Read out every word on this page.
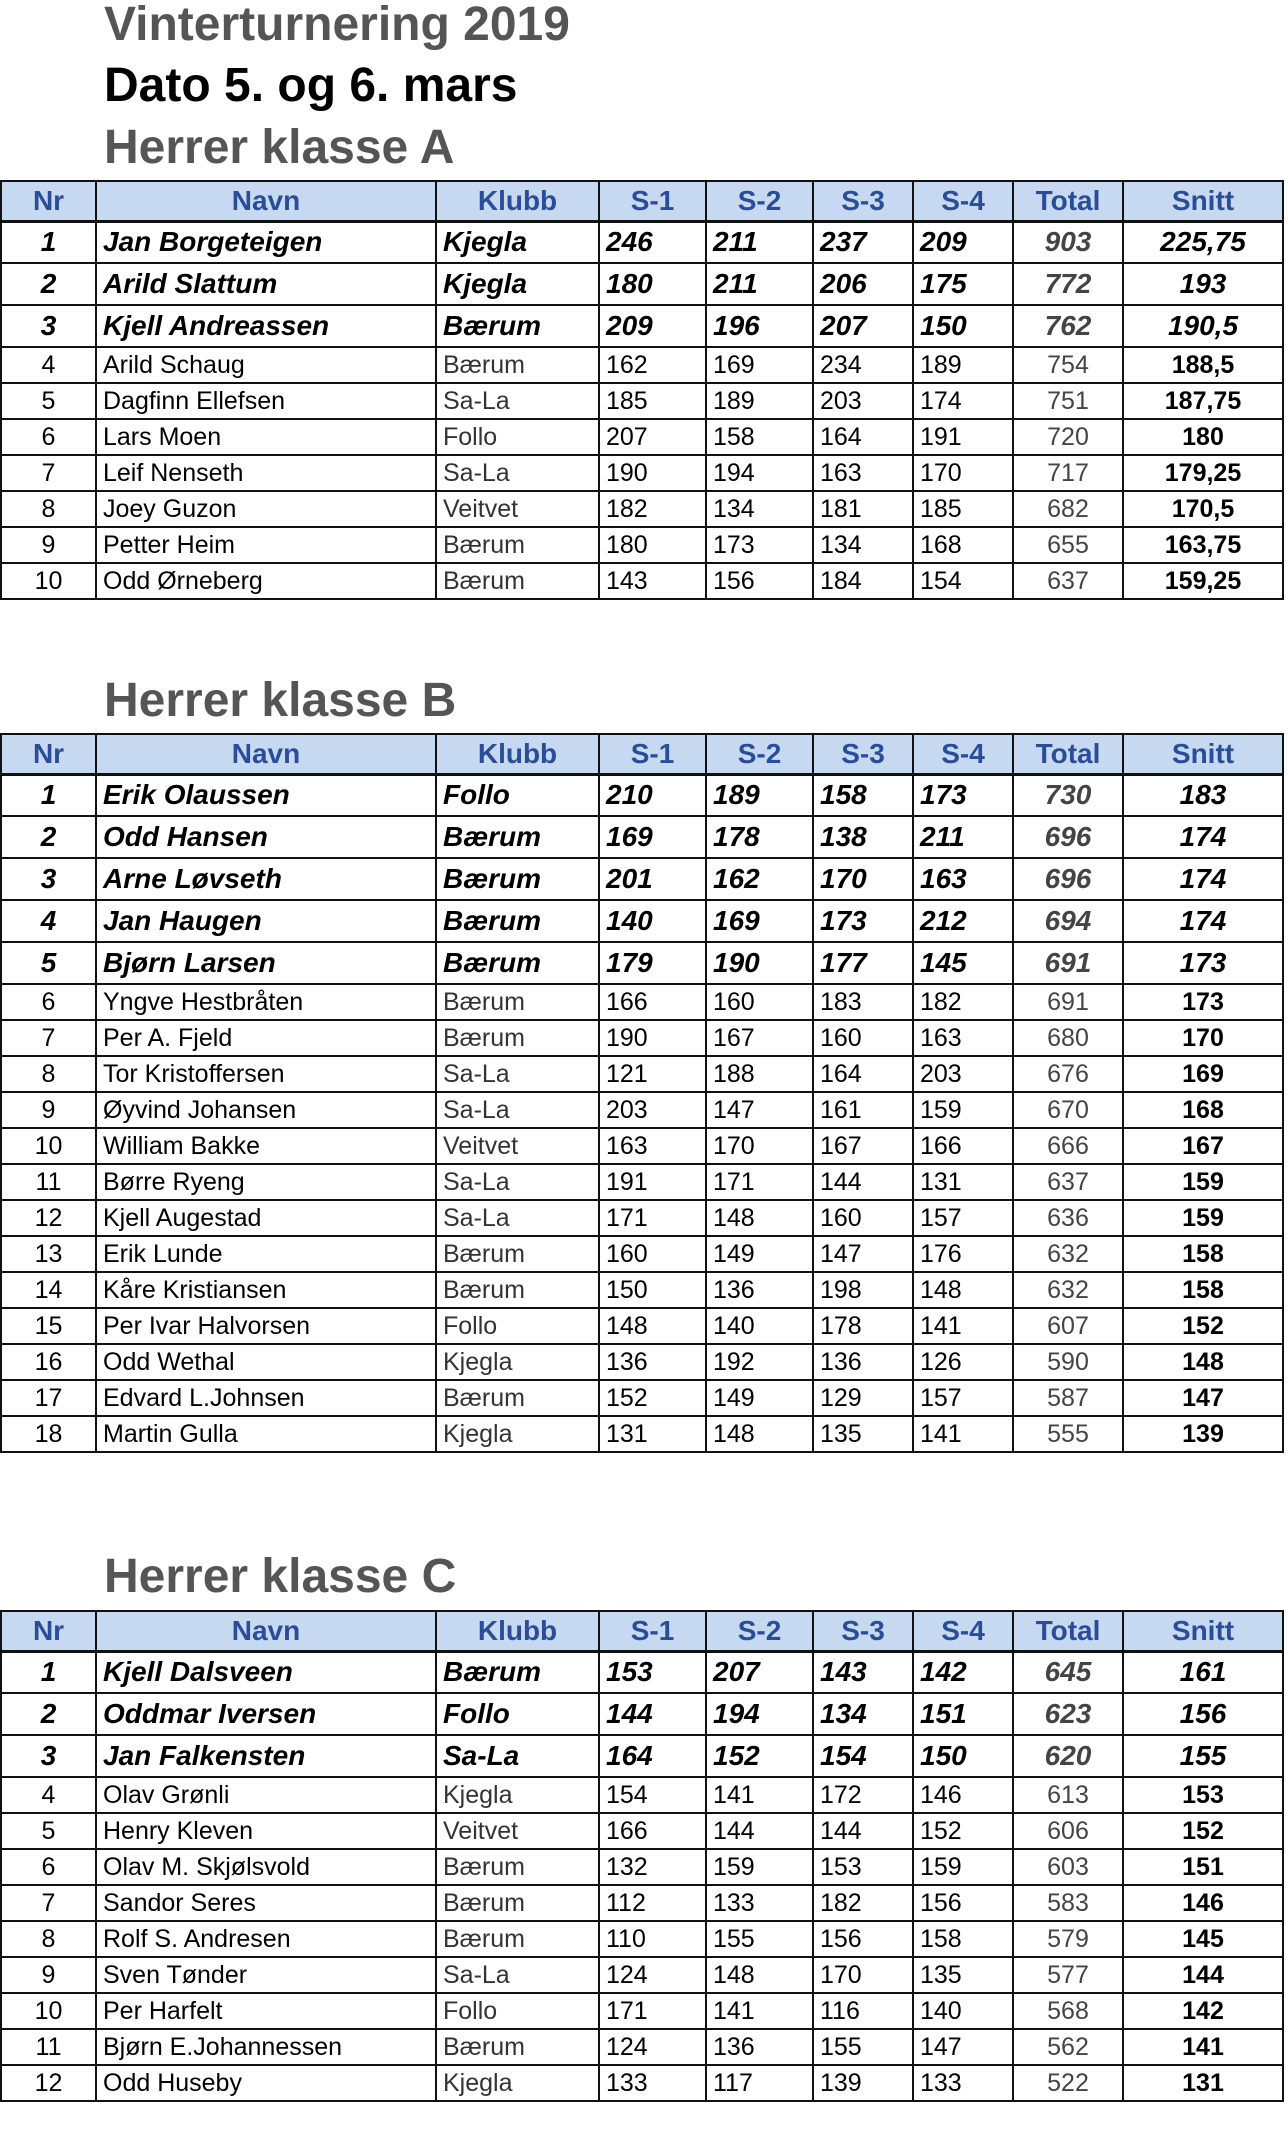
Vinterturnering 2019
Dato 5. og 6. mars
Herrer klasse A
Nr	Navn	Klubb	S-1	S-2	S-3	S-4	Total	Snitt
1	Jan Borgeteigen	Kjegla	246	211	237	209	903	225,75
2	Arild Slattum	Kjegla	180	211	206	175	772	193
3	Kjell Andreassen	Bærum	209	196	207	150	762	190,5
4	Arild Schaug	Bærum	162	169	234	189	754	188,5
5	Dagfinn Ellefsen	Sa-La	185	189	203	174	751	187,75
6	Lars Moen	Follo	207	158	164	191	720	180
7	Leif Nenseth	Sa-La	190	194	163	170	717	179,25
8	Joey Guzon	Veitvet	182	134	181	185	682	170,5
9	Petter Heim	Bærum	180	173	134	168	655	163,75
10	Odd Ørneberg	Bærum	143	156	184	154	637	159,25
Herrer klasse B
Nr	Navn	Klubb	S-1	S-2	S-3	S-4	Total	Snitt
1	Erik Olaussen	Follo	210	189	158	173	730	183
2	Odd Hansen	Bærum	169	178	138	211	696	174
3	Arne Løvseth	Bærum	201	162	170	163	696	174
4	Jan Haugen	Bærum	140	169	173	212	694	174
5	Bjørn Larsen	Bærum	179	190	177	145	691	173
6	Yngve Hestbråten	Bærum	166	160	183	182	691	173
7	Per A. Fjeld	Bærum	190	167	160	163	680	170
8	Tor Kristoffersen	Sa-La	121	188	164	203	676	169
9	Øyvind Johansen	Sa-La	203	147	161	159	670	168
10	William Bakke	Veitvet	163	170	167	166	666	167
11	Børre Ryeng	Sa-La	191	171	144	131	637	159
12	Kjell Augestad	Sa-La	171	148	160	157	636	159
13	Erik Lunde	Bærum	160	149	147	176	632	158
14	Kåre Kristiansen	Bærum	150	136	198	148	632	158
15	Per Ivar Halvorsen	Follo	148	140	178	141	607	152
16	Odd Wethal	Kjegla	136	192	136	126	590	148
17	Edvard L.Johnsen	Bærum	152	149	129	157	587	147
18	Martin Gulla	Kjegla	131	148	135	141	555	139
Herrer klasse C
Nr	Navn	Klubb	S-1	S-2	S-3	S-4	Total	Snitt
1	Kjell Dalsveen	Bærum	153	207	143	142	645	161
2	Oddmar Iversen	Follo	144	194	134	151	623	156
3	Jan Falkensten	Sa-La	164	152	154	150	620	155
4	Olav Grønli	Kjegla	154	141	172	146	613	153
5	Henry Kleven	Veitvet	166	144	144	152	606	152
6	Olav M. Skjølsvold	Bærum	132	159	153	159	603	151
7	Sandor Seres	Bærum	112	133	182	156	583	146
8	Rolf S. Andresen	Bærum	110	155	156	158	579	145
9	Sven Tønder	Sa-La	124	148	170	135	577	144
10	Per Harfelt	Follo	171	141	116	140	568	142
11	Bjørn E.Johannessen	Bærum	124	136	155	147	562	141
12	Odd Huseby	Kjegla	133	117	139	133	522	131
